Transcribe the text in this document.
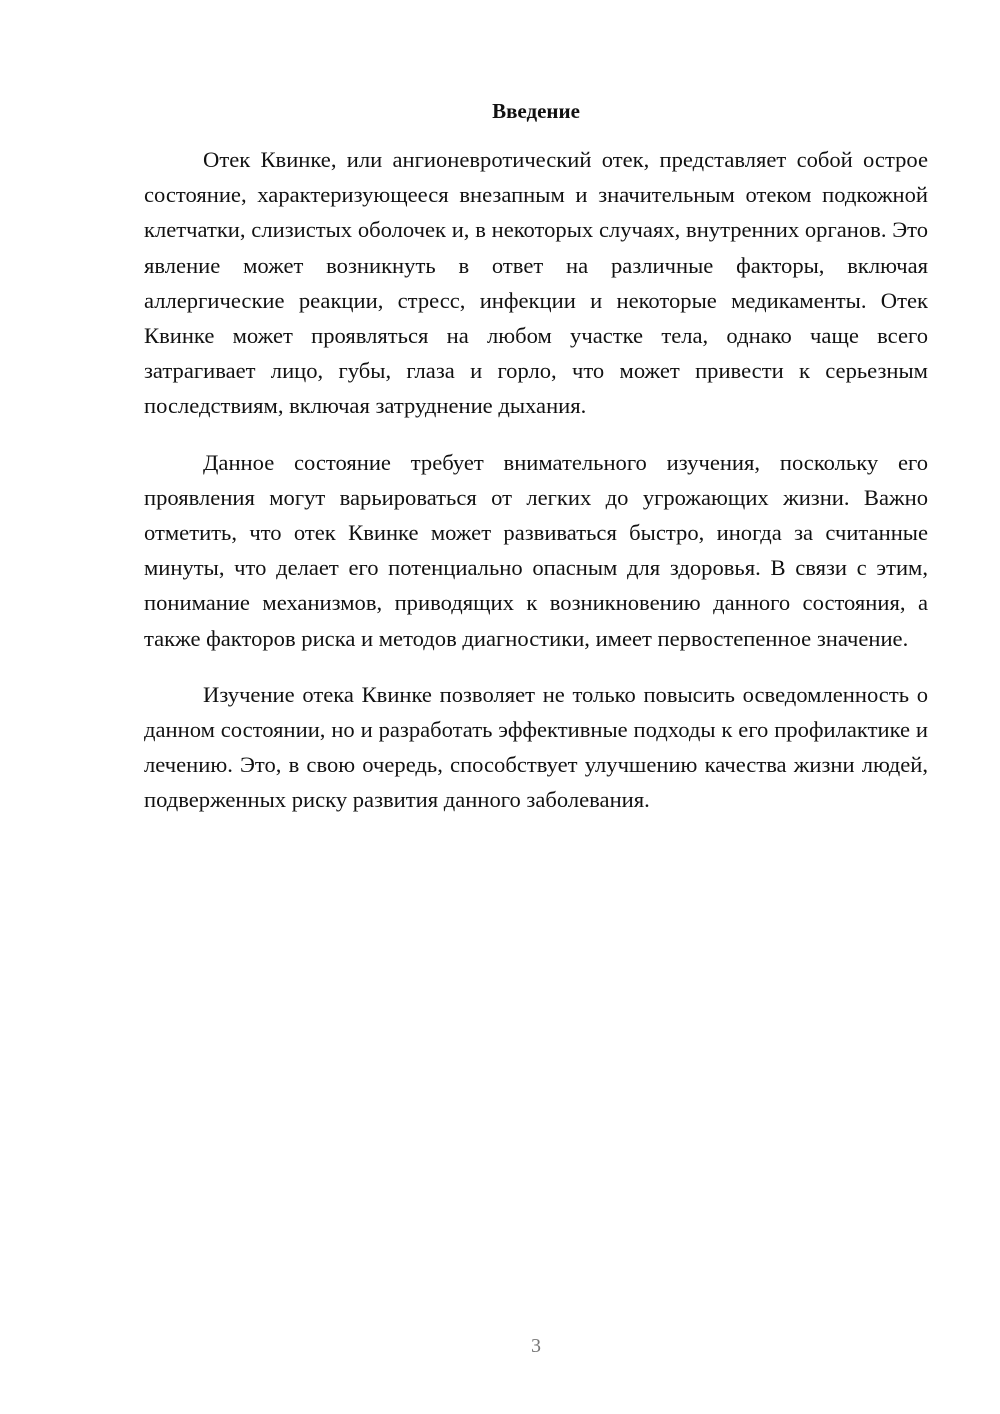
Введение

Отек Квинке, или ангионевротический отек, представляет собой острое состояние, характеризующееся внезапным и значительным отеком подкожной клетчатки, слизистых оболочек и, в некоторых случаях, внутренних органов. Это явление может возникнуть в ответ на различные факторы, включая аллергические реакции, стресс, инфекции и некоторые медикаменты. Отек Квинке может проявляться на любом участке тела, однако чаще всего затрагивает лицо, губы, глаза и горло, что может привести к серьезным последствиям, включая затруднение дыхания.

Данное состояние требует внимательного изучения, поскольку его проявления могут варьироваться от легких до угрожающих жизни. Важно отметить, что отек Квинке может развиваться быстро, иногда за считанные минуты, что делает его потенциально опасным для здоровья. В связи с этим, понимание механизмов, приводящих к возникновению данного состояния, а также факторов риска и методов диагностики, имеет первостепенное значение.

Изучение отека Квинке позволяет не только повысить осведомленность о данном состоянии, но и разработать эффективные подходы к его профилактике и лечению. Это, в свою очередь, способствует улучшению качества жизни людей, подверженных риску развития данного заболевания.

3
